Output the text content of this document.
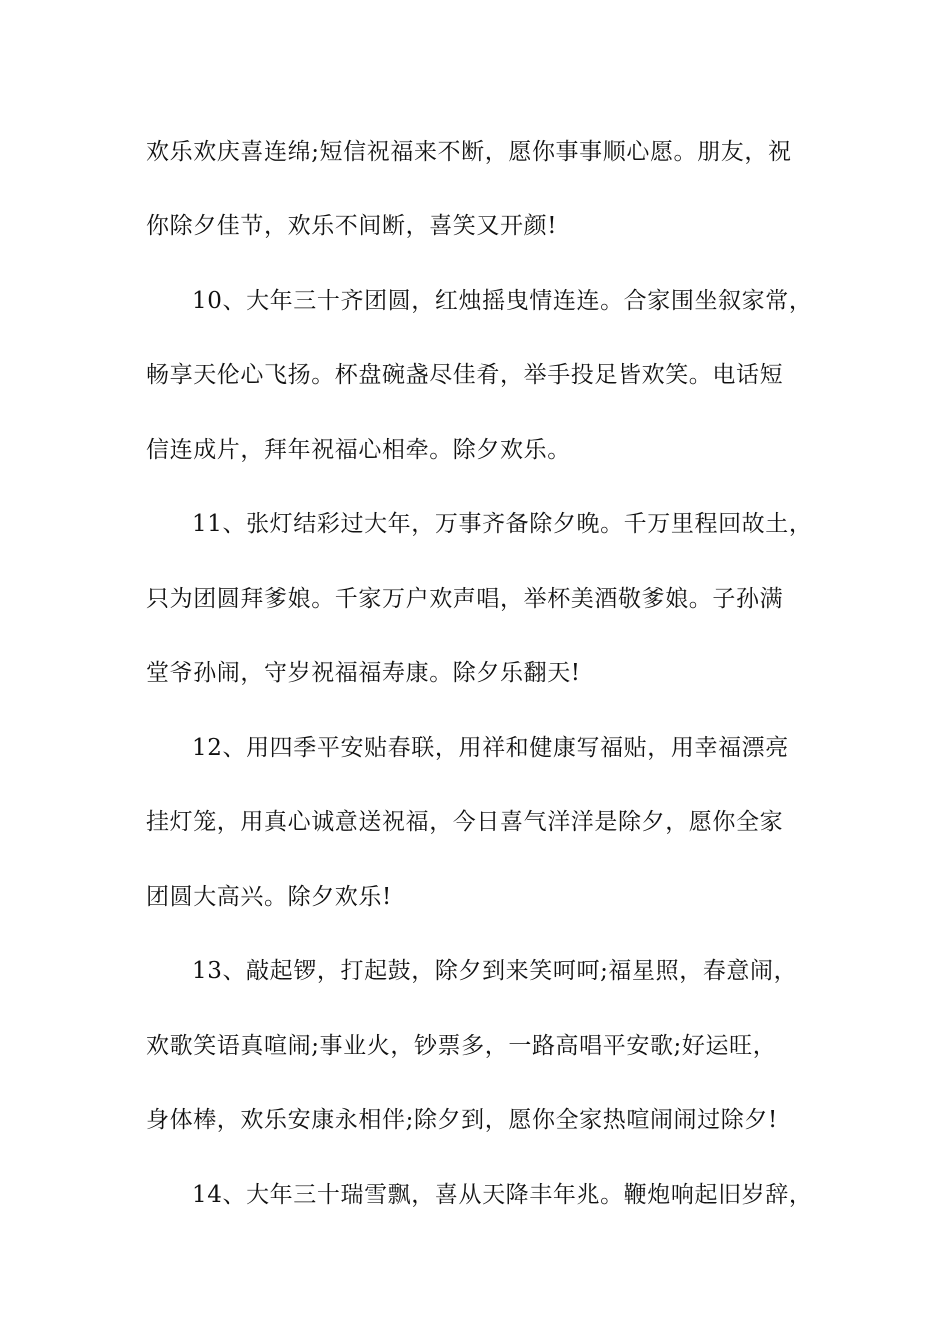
欢乐欢庆喜连绵;短信祝福来不断，愿你事事顺心愿。朋友，祝
你除夕佳节，欢乐不间断，喜笑又开颜!
10、大年三十齐团圆，红烛摇曳情连连。合家围坐叙家常，
畅享天伦心飞扬。杯盘碗盏尽佳肴，举手投足皆欢笑。电话短
信连成片，拜年祝福心相牵。除夕欢乐。
11、张灯结彩过大年，万事齐备除夕晚。千万里程回故土，
只为团圆拜爹娘。千家万户欢声唱，举杯美酒敬爹娘。子孙满
堂爷孙闹，守岁祝福福寿康。除夕乐翻天!
12、用四季平安贴春联，用祥和健康写福贴，用幸福漂亮
挂灯笼，用真心诚意送祝福，今日喜气洋洋是除夕，愿你全家
团圆大高兴。除夕欢乐!
13、敲起锣，打起鼓，除夕到来笑呵呵;福星照，春意闹，
欢歌笑语真喧闹;事业火，钞票多，一路高唱平安歌;好运旺，
身体棒，欢乐安康永相伴;除夕到，愿你全家热喧闹闹过除夕!
14、大年三十瑞雪飘，喜从天降丰年兆。鞭炮响起旧岁辞，
